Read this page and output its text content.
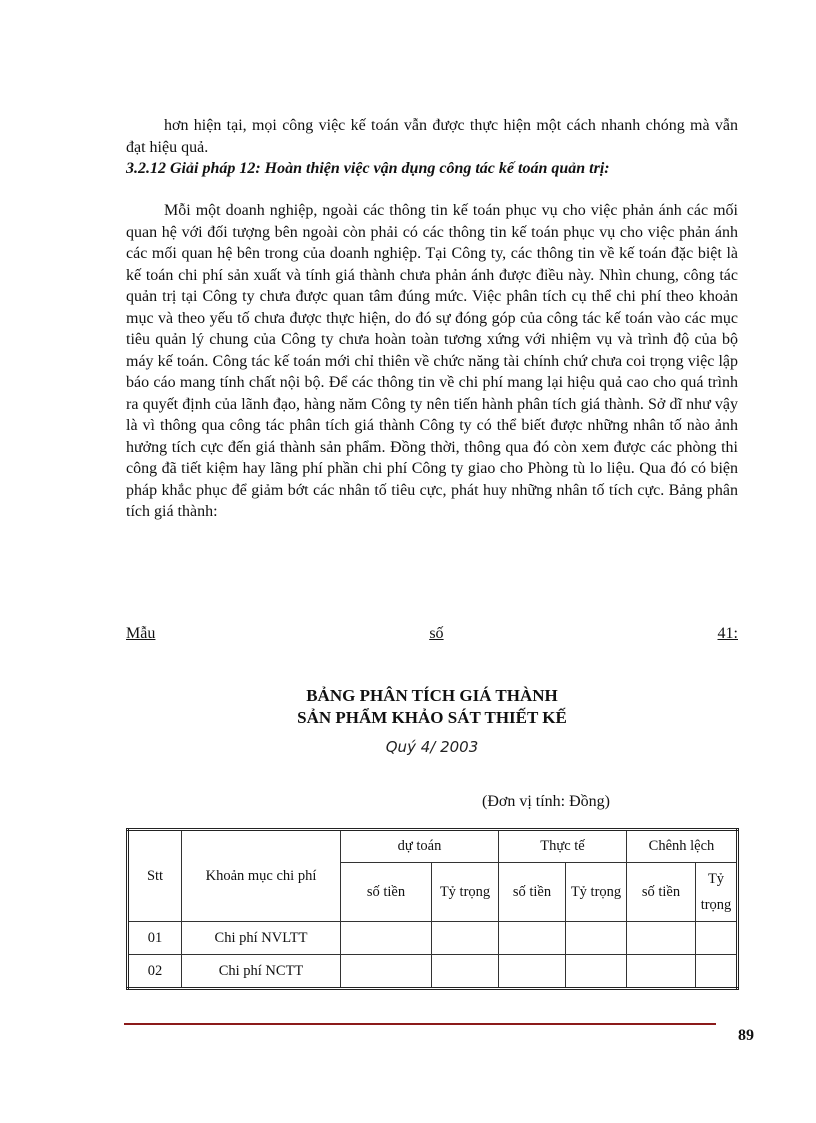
hơn hiện tại, mọi công việc kế toán vẫn được thực hiện một cách nhanh chóng mà vẫn đạt hiệu quả.

3.2.12 Giải pháp 12: Hoàn thiện việc vận dụng công tác kế toán quản trị:

Mỗi một doanh nghiệp, ngoài các thông tin kế toán phục vụ cho việc phản ánh các mối quan hệ với đối tượng bên ngoài còn phải có các thông tin kế toán phục vụ cho việc phản ánh các mối quan hệ bên trong của doanh nghiệp. Tại Công ty, các thông tin về kế toán đặc biệt là kế toán chi phí sản xuất và tính giá thành chưa phản ánh được điều này. Nhìn chung, công tác quản trị tại Công ty chưa được quan tâm đúng mức. Việc phân tích cụ thể chi phí theo khoản mục và theo yếu tố chưa được thực hiện, do đó sự đóng góp của công tác kế toán vào các mục tiêu quản lý chung của Công ty chưa hoàn toàn tương xứng với nhiệm vụ và trình độ của bộ máy kế toán. Công tác kế toán mới chỉ thiên về chức năng tài chính chứ chưa coi trọng việc lập báo cáo mang tính chất nội bộ. Để các thông tin về chi phí mang lại hiệu quả cao cho quá trình ra quyết định của lãnh đạo, hàng năm Công ty nên tiến hành phân tích giá thành. Sở dĩ như vậy là vì thông qua công tác phân tích giá thành Công ty có thể biết được những nhân tố nào ảnh hưởng tích cực đến giá thành sản phẩm. Đồng thời, thông qua đó còn xem được các phòng thi công đã tiết kiệm hay lãng phí phần chi phí Công ty giao cho Phòng tù lo liệu. Qua đó có biện pháp khắc phục để giảm bớt các nhân tố tiêu cực, phát huy những nhân tố tích cực. Bảng phân tích giá thành:

Mẫu	số	41:

BẢNG PHÂN TÍCH GIÁ THÀNH

SẢN PHẨM KHẢO SÁT THIẾT KẾ

Quý 4/ 2003
(Đơn vị tính: Đồng)
Stt	Khoản mục chi phí	dự toán		Thực tế		Chênh lệch	
		số tiền	Tỷ trọng	số tiền	Tỷ trọng	số tiền	Tỷ trọng
01	Chi phí NVLTT						
02	Chi phí NCTT						
89
